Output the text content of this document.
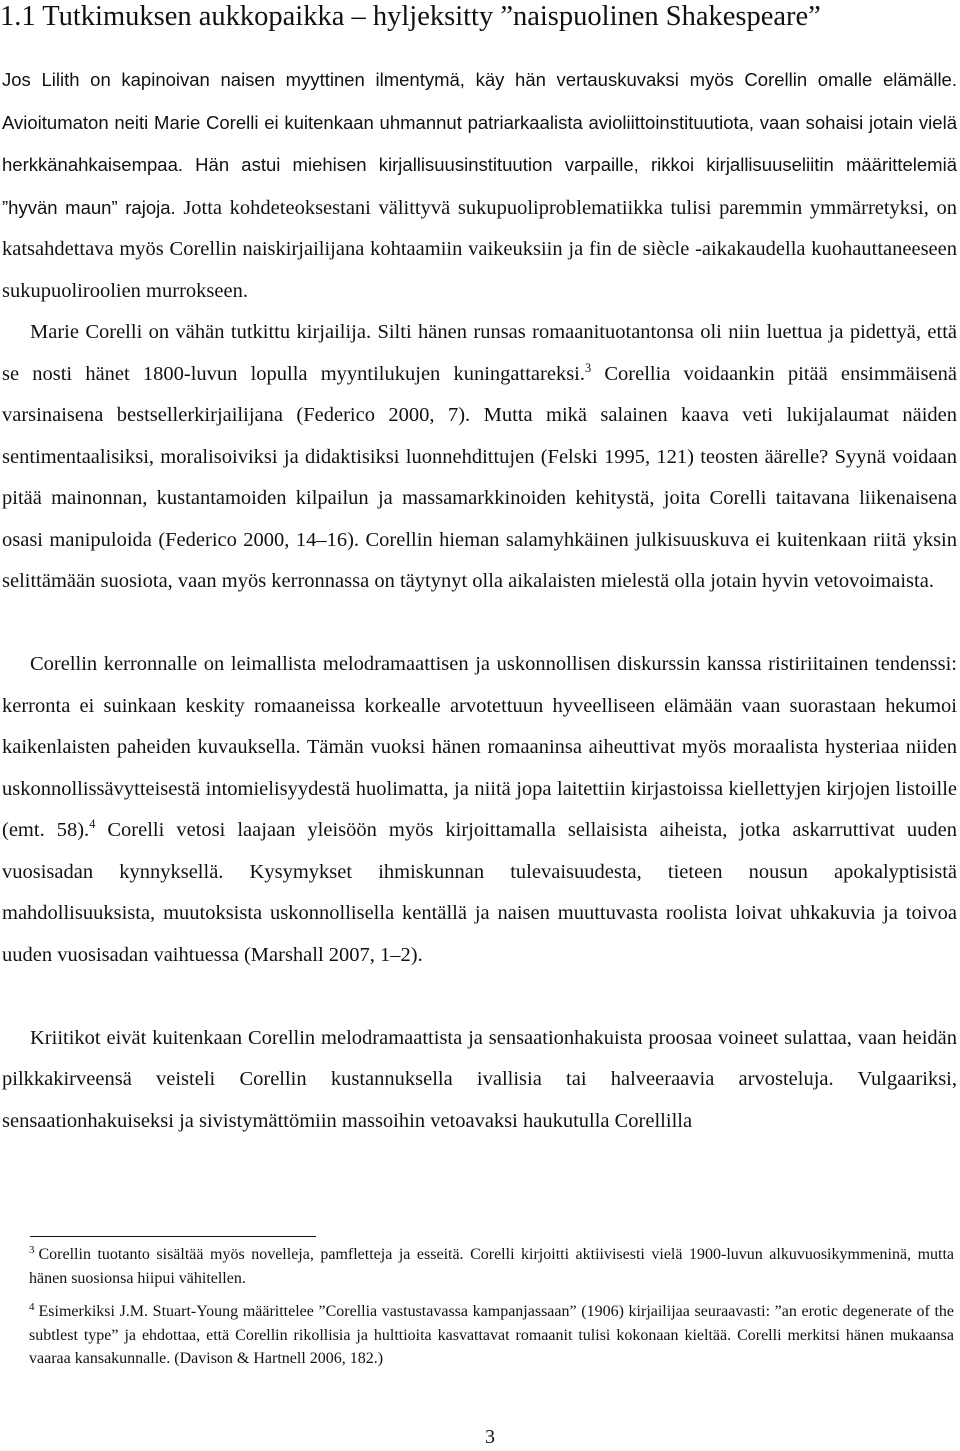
1.1 Tutkimuksen aukkopaikka – hyljeksitty ”naispuolinen Shakespeare”
Jos Lilith on kapinoivan naisen myyttinen ilmentymä, käy hän vertauskuvaksi myös Corellin omalle elämälle. Avioitumaton neiti Marie Corelli ei kuitenkaan uhmannut patriarkaalista avioliittoinstituutiota, vaan sohaisi jotain vielä herkkänahkaisempaa. Hän astui miehisen kirjallisuusinstituution varpaille, rikkoi kirjallisuuseliitin määrittelemiä ”hyvän maun” rajoja. Jotta kohdeteoksestani välittyvä sukupuoliproblematiikka tulisi paremmin ymmärretyksi, on katsahdettava myös Corellin naiskirjailijana kohtaamiin vaikeuksiin ja fin de siècle -aikakaudella kuohauttaneeseen sukupuoliroolien murrokseen.
Marie Corelli on vähän tutkittu kirjailija. Silti hänen runsas romaanituotantonsa oli niin luettua ja pidettyä, että se nosti hänet 1800-luvun lopulla myyntilukujen kuningattareksi.$^3$ Corellia voidaankin pitää ensimmäisenä varsinaisena bestsellerkirjailijana (Federico 2000, 7). Mutta mikä salainen kaava veti lukijalaumat näiden sentimentaalisiksi, moralisoiviksi ja didaktisiksi luonnehdittujen (Felski 1995, 121) teosten äärelle? Syynä voidaan pitää mainonnan, kustantamoiden kilpailun ja massamarkkinoiden kehitystä, joita Corelli taitavana liikenaisena osasi manipuloida (Federico 2000, 14–16). Corellin hieman salamyhkäinen julkisuuskuva ei kuitenkaan riitä yksin selittämään suosiota, vaan myös kerronnassa on täytynyt olla aikalaisten mielestä olla jotain hyvin vetovoimaista.
Corellin kerronnalle on leimallista melodramaattisen ja uskonnollisen diskurssin kanssa ristiriitainen tendenssi: kerronta ei suinkaan keskity romaaneissa korkealle arvotettuun hyveelliseen elämään vaan suorastaan hekumoi kaikenlaisten paheiden kuvauksella. Tämän vuoksi hänen romaaninsa aiheuttivat myös moraalista hysteriaa niiden uskonnollissävytteisestä intomielisyydestä huolimatta, ja niitä jopa laitettiin kirjastoissa kiellettyjen kirjojen listoille (emt. 58).$^4$ Corelli vetosi laajaan yleisöön myös kirjoittamalla sellaisista aiheista, jotka askarruttivat uuden vuosisadan kynnyksellä. Kysymykset ihmiskunnan tulevaisuudesta, tieteen nousun apokalyptisistä mahdollisuuksista, muutoksista uskonnollisella kentällä ja naisen muuttuvasta roolista loivat uhkakuvia ja toivoa uuden vuosisadan vaihtuessa (Marshall 2007, 1–2).
Kriitikot eivät kuitenkaan Corellin melodramaattista ja sensaationhakuista proosaa voineet sulattaa, vaan heidän pilkkakirveensä veisteli Corellin kustannuksella ivallisia tai halveeraavia arvosteluja. Vulgaariksi, sensaationhakuiseksi ja sivistymättömiin massoihin vetoavaksi haukutulla Corellilla

$^3$ Corellin tuotanto sisältää myös novelleja, pamfletteja ja esseitä. Corelli kirjoitti aktiivisesti vielä 1900-luvun alkuvuosikymmeninä, mutta hänen suosionsa hiipui vähitellen.

$^4$ Esimerkiksi J.M. Stuart-Young määrittelee ”Corellia vastustavassa kampanjassaan” (1906) kirjailijaa seuraavasti: ”an erotic degenerate of the subtlest type” ja ehdottaa, että Corellin rikollisia ja hulttioita kasvattavat romaanit tulisi kokonaan kieltää. Corelli merkitsi hänen mukaansa vaaraa kansakunnalle. (Davison & Hartnell 2006, 182.)

3
